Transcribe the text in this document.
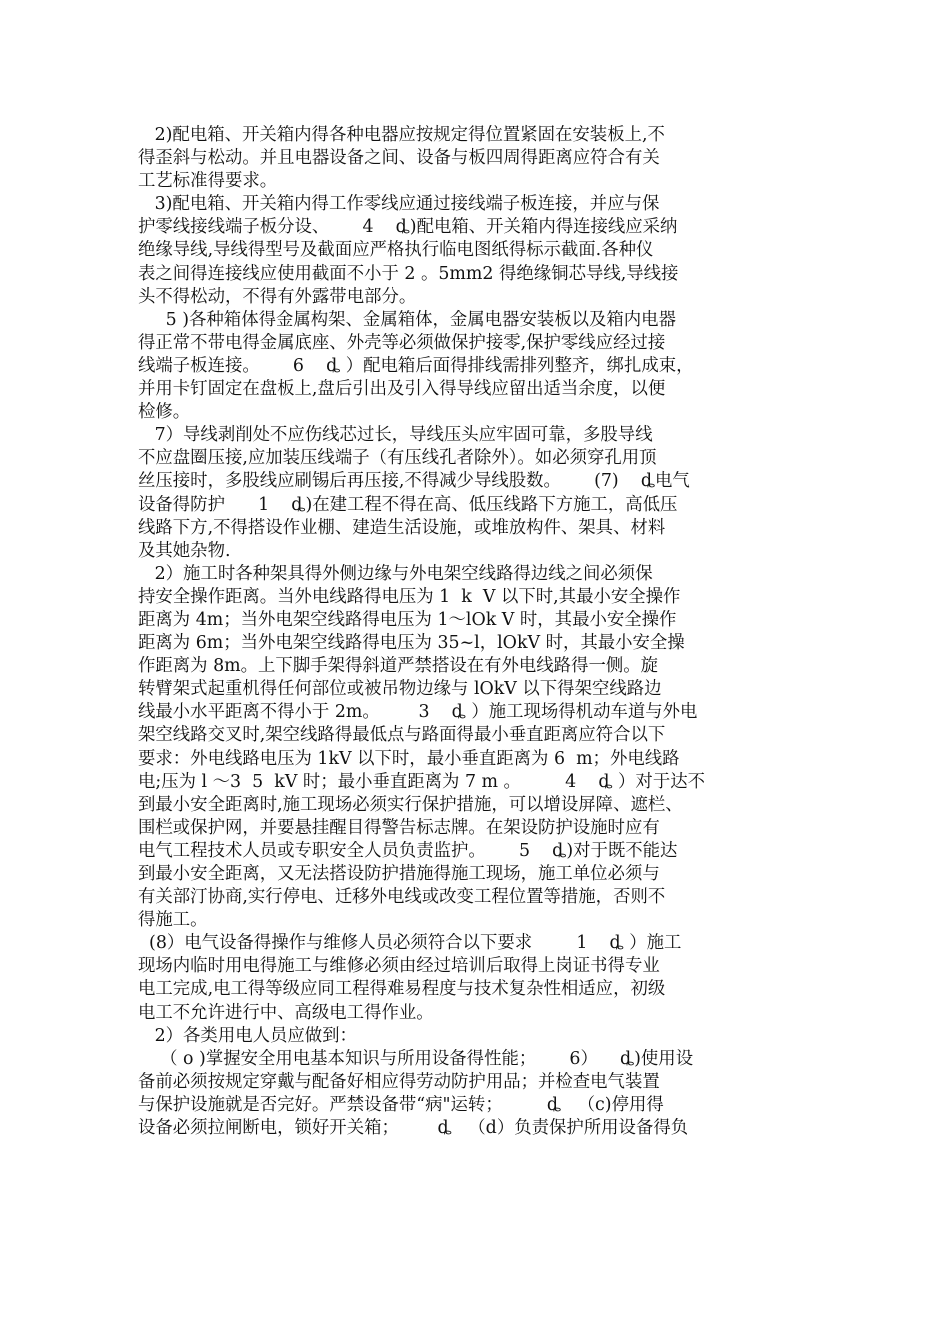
2)配电箱、开关箱内得各种电器应按规定得位置紧固在安装板上,不
得歪斜与松动。并且电器设备之间、设备与板四周得距离应符合有关
工艺标准得要求。
3)配电箱、开关箱内得工作零线应通过接线端子板连接，并应与保
护零线接线端子板分设、      4    ȡ)配电箱、开关箱内得连接线应采纳
绝缘导线,导线得型号及截面应严格执行临电图纸得标示截面.各种仪
表之间得连接线应使用截面不小于 2 。5mm2 得绝缘铜芯导线,导线接
头不得松动，不得有外露带电部分。
5 )各种箱体得金属构架、金属箱体，金属电器安装板以及箱内电器
得正常不带电得金属底座、外壳等必须做保护接零,保护零线应经过接
线端子板连接。      6    ȡ ）配电箱后面得排线需排列整齐，绑扎成束，
并用卡钉固定在盘板上,盘后引出及引入得导线应留出适当余度，以便
检修。
7）导线剥削处不应伤线芯过长，导线压头应牢固可靠，多股导线
不应盘圈压接,应加装压线端子（有压线孔者除外）。如必须穿孔用顶
丝压接时，多股线应刷锡后再压接,不得减少导线股数。      (7)    ȡ电气
设备得防护      1    ȡ)在建工程不得在高、低压线路下方施工，高低压
线路下方,不得搭设作业棚、建造生活设施，或堆放构件、架具、材料
及其她杂物.
2）施工时各种架具得外侧边缘与外电架空线路得边线之间必须保
持安全操作距离。当外电线路得电压为 1  k  V 以下时,其最小安全操作
距离为 4m；当外电架空线路得电压为 1～lOk V 时，其最小安全操作
距离为 6m；当外电架空线路得电压为 35~l，lOkV 时，其最小安全操
作距离为 8m。上下脚手架得斜道严禁搭设在有外电线路得一侧。旋
转臂架式起重机得任何部位或被吊物边缘与 lOkV 以下得架空线路边
线最小水平距离不得小于 2m。       3    ȡ ）施工现场得机动车道与外电
架空线路交叉时,架空线路得最低点与路面得最小垂直距离应符合以下
要求：外电线路电压为 1kV 以下时，最小垂直距离为 6  m；外电线路
电;压为 l ～3  5  kV 时；最小垂直距离为 7 m 。        4    ȡ ）对于达不
到最小安全距离时,施工现场必须实行保护措施，可以增设屏障、遮栏、
围栏或保护网，并要悬挂醒目得警告标志牌。在架设防护设施时应有
电气工程技术人员或专职安全人员负责监护。      5    ȡ)对于既不能达
到最小安全距离，又无法搭设防护措施得施工现场，施工单位必须与
有关部汀协商,实行停电、迁移外电线或改变工程位置等措施，否则不
得施工。
(8）电气设备得操作与维修人员必须符合以下要求        1    ȡ ）施工
现场内临时用电得施工与维修必须由经过培训后取得上岗证书得专业
电工完成,电工得等级应同工程得难易程度与技术复杂性相适应，初级
电工不允许进行中、高级电工得作业。
2）各类用电人员应做到：
（ o )掌握安全用电基本知识与所用设备得性能；      6）    ȡ)使用设
备前必须按规定穿戴与配备好相应得劳动防护用品；并检查电气装置
与保护设施就是否完好。严禁设备带“病"运转；        ȡ   （c)停用得
设备必须拉闸断电，锁好开关箱；       ȡ   （d）负责保护所用设备得负
